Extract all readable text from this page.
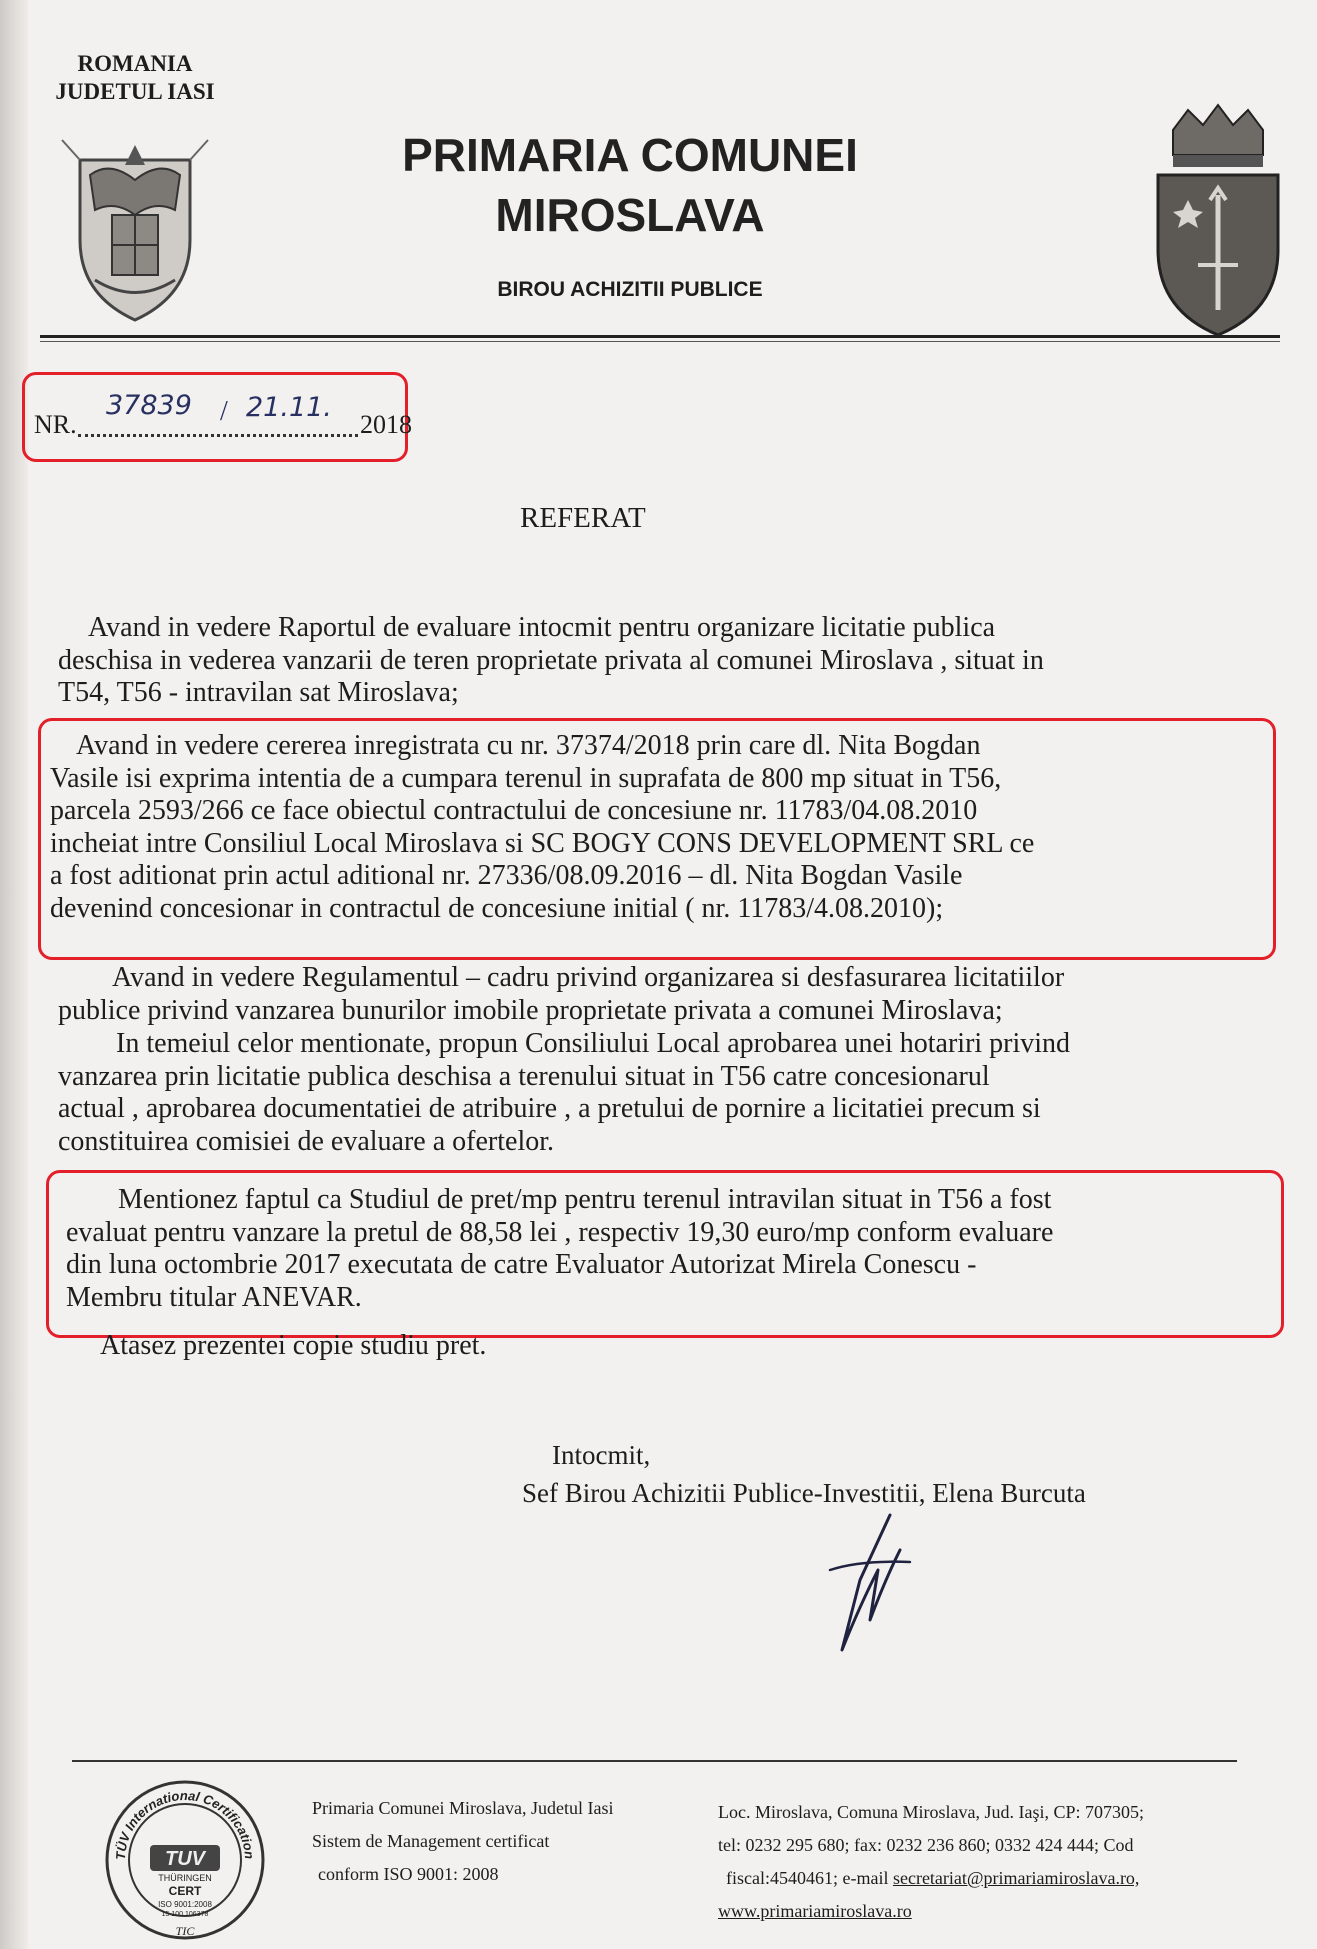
ROMANIA
JUDETUL IASI
PRIMARIA COMUNEI
MIROSLAVA
BIROU ACHIZITII PUBLICE
NR.
37839 / 21.11.
2018
REFERAT
Avand in vedere Raportul de evaluare intocmit pentru organizare licitatie publica
deschisa in vederea vanzarii de teren proprietate privata al comunei Miroslava , situat in
T54, T56 - intravilan sat Miroslava;
Avand in vedere cererea inregistrata cu nr. 37374/2018 prin care dl. Nita Bogdan
Vasile isi exprima intentia de a cumpara terenul in suprafata de 800 mp situat in T56,
parcela 2593/266 ce face obiectul contractului de concesiune nr. 11783/04.08.2010
incheiat intre Consiliul Local Miroslava si SC BOGY CONS DEVELOPMENT SRL ce
a fost aditionat prin actul aditional nr. 27336/08.09.2016 – dl. Nita Bogdan Vasile
devenind concesionar in contractul de concesiune initial ( nr. 11783/4.08.2010);
Avand in vedere Regulamentul – cadru privind organizarea si desfasurarea licitatiilor
publice privind vanzarea bunurilor imobile proprietate privata a comunei Miroslava;
In temeiul celor mentionate, propun Consiliului Local aprobarea unei hotariri privind
vanzarea prin licitatie publica deschisa a terenului situat in T56 catre concesionarul
actual , aprobarea documentatiei de atribuire , a pretului de pornire a licitatiei precum si
constituirea comisiei de evaluare a ofertelor.
Mentionez faptul ca Studiul de pret/mp pentru terenul intravilan situat in T56 a fost
evaluat pentru vanzare la pretul de 88,58 lei , respectiv 19,30 euro/mp conform evaluare
din luna octombrie 2017 executata de catre Evaluator Autorizat Mirela Conescu -
Membru titular ANEVAR.
Atasez prezentei copie studiu pret.
Intocmit,
Sef Birou Achizitii Publice-Investitii, Elena Burcuta
TÜV International Certification
TUV
THÜRINGEN
CERT
ISO 9001:2008
15 100 106378
TIC
Primaria Comunei Miroslava, Judetul Iasi
Sistem de Management certificat
conform ISO 9001: 2008
Loc. Miroslava, Comuna Miroslava, Jud. Iaşi, CP: 707305;
tel: 0232 295 680; fax: 0232 236 860; 0332 424 444; Cod
fiscal:4540461; e-mail secretariat@primariamiroslava.ro,
www.primariamiroslava.ro
